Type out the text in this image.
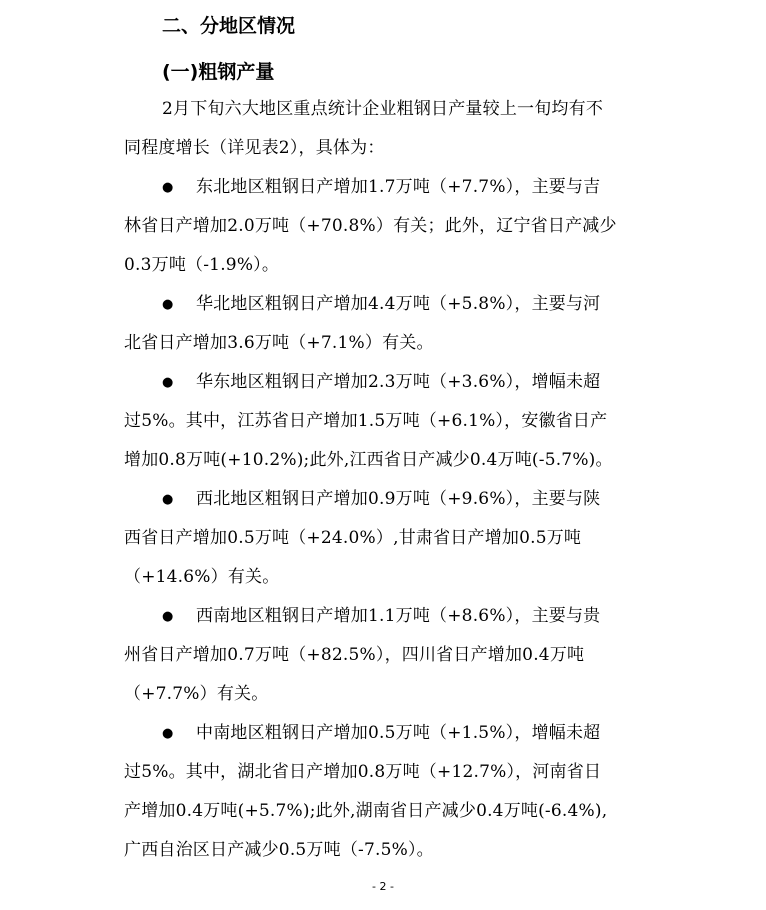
二、分地区情况
(一)粗钢产量

2月下旬六大地区重点统计企业粗钢日产量较上一旬均有不
同程度增长（详见表2），具体为：

● 东北地区粗钢日产增加1.7万吨（+7.7%），主要与吉
林省日产增加2.0万吨（+70.8%）有关；此外，辽宁省日产减少
0.3万吨（-1.9%）。

● 华北地区粗钢日产增加4.4万吨（+5.8%），主要与河
北省日产增加3.6万吨（+7.1%）有关。

● 华东地区粗钢日产增加2.3万吨（+3.6%），增幅未超
过5%。其中，江苏省日产增加1.5万吨（+6.1%），安徽省日产
增加0.8万吨(+10.2%);此外,江西省日产减少0.4万吨(-5.7%)。

● 西北地区粗钢日产增加0.9万吨（+9.6%），主要与陕
西省日产增加0.5万吨（+24.0%）,甘肃省日产增加0.5万吨
（+14.6%）有关。

● 西南地区粗钢日产增加1.1万吨（+8.6%），主要与贵
州省日产增加0.7万吨（+82.5%），四川省日产增加0.4万吨
（+7.7%）有关。

● 中南地区粗钢日产增加0.5万吨（+1.5%），增幅未超
过5%。其中，湖北省日产增加0.8万吨（+12.7%），河南省日
产增加0.4万吨(+5.7%);此外,湖南省日产减少0.4万吨(-6.4%),
广西自治区日产减少0.5万吨（-7.5%）。

- 2 -
